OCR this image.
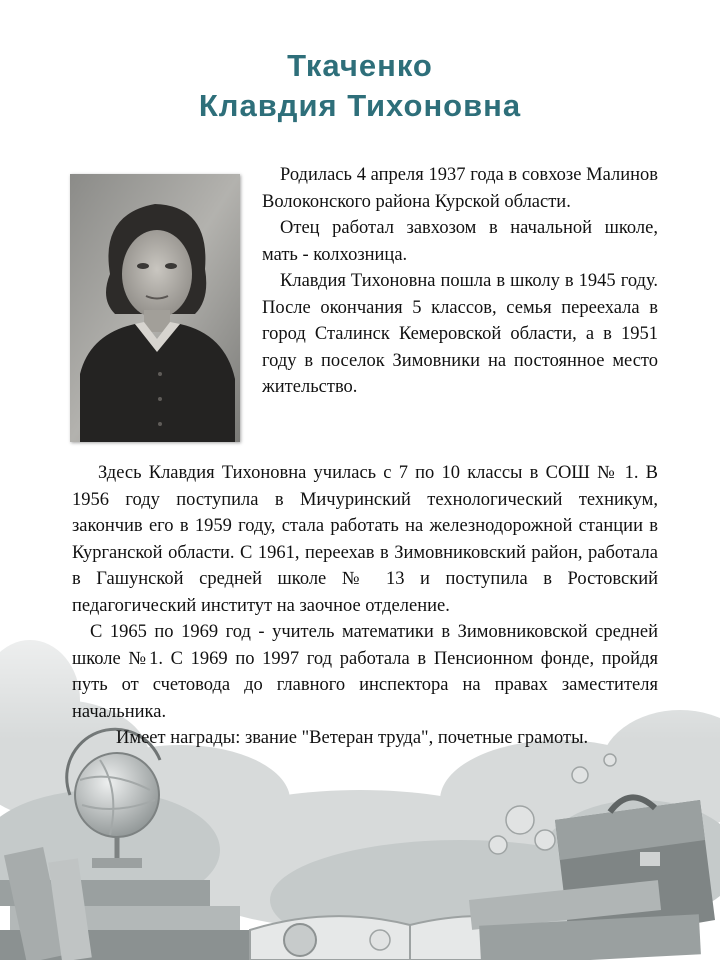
Ткаченко
Клавдия Тихоновна

Родилась 4 апреля 1937 года в совхозе Малинов Волоконского района Курской области.

Отец работал завхозом в начальной школе, мать - колхозница.

Клавдия Тихоновна пошла в школу в 1945 году. После окончания 5 классов, семья переехала в город Сталинск Кемеровской области, а в 1951 году в поселок Зимовники на постоянное место жительство.

Здесь Клавдия Тихоновна училась с 7 по 10 классы в СОШ № 1. В 1956 году поступила в Мичуринский технологический техникум, закончив его в 1959 году, стала работать на железнодорожной станции в Курганской области. С 1961, переехав в Зимовниковский район, работала в Гашунской средней школе № 13 и поступила в Ростовский педагогический институт на заочное отделение.

С 1965 по 1969 год - учитель математики в Зимовниковской средней школе №1. С 1969 по 1997 год работала в Пенсионном фонде, пройдя путь от счетовода до главного инспектора на правах заместителя начальника.

Имеет награды: звание "Ветеран труда", почетные грамоты.
